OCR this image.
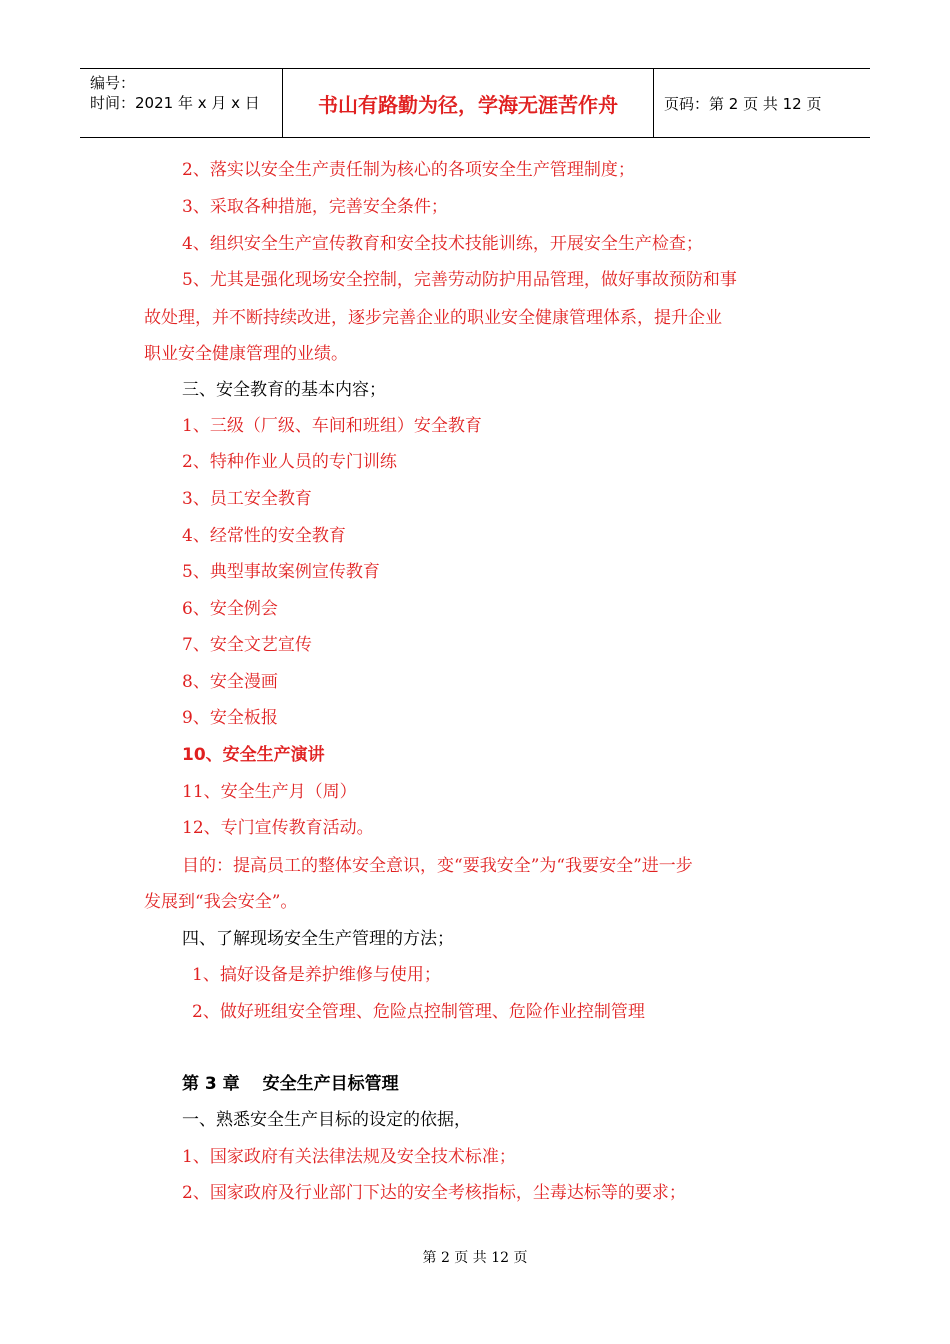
编号：
时间：2021 年 x 月 x 日	书山有路勤为径，学海无涯苦作舟	页码：第 2 页 共 12 页
2、落实以安全生产责任制为核心的各项安全生产管理制度；
3、采取各种措施，完善安全条件；
4、组织安全生产宣传教育和安全技术技能训练，开展安全生产检查；
5、尤其是强化现场安全控制，完善劳动防护用品管理，做好事故预防和事
故处理，并不断持续改进，逐步完善企业的职业安全健康管理体系，提升企业
职业安全健康管理的业绩。
三、安全教育的基本内容；
1、三级（厂级、车间和班组）安全教育
2、特种作业人员的专门训练
3、员工安全教育
4、经常性的安全教育
5、典型事故案例宣传教育
6、安全例会
7、安全文艺宣传
8、安全漫画
9、安全板报
10、安全生产演讲
11、安全生产月（周）
12、专门宣传教育活动。
目的：提高员工的整体安全意识，变“要我安全”为“我要安全”进一步
发展到“我会安全”。
四、了解现场安全生产管理的方法；
1、搞好设备是养护维修与使用；
2、做好班组安全管理、危险点控制管理、危险作业控制管理
第 3 章　 安全生产目标管理
一、熟悉安全生产目标的设定的依据，
1、国家政府有关法律法规及安全技术标准；
2、国家政府及行业部门下达的安全考核指标，尘毒达标等的要求；
第 2 页 共 12 页
